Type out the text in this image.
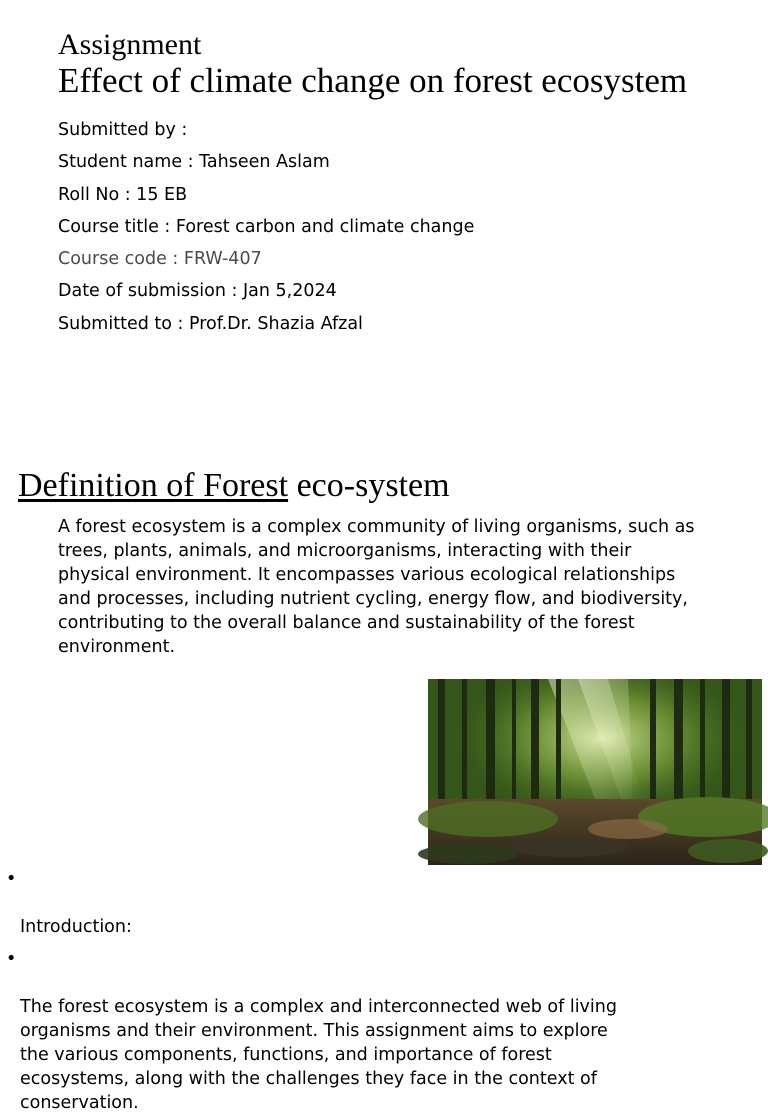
Assignment
Effect of climate change on forest ecosystem
Submitted by :
Student name : Tahseen Aslam
Roll No : 15 EB
Course title : Forest carbon and climate change
Course code : FRW-407
Date of submission : Jan 5,2024
Submitted to : Prof.Dr. Shazia Afzal
Definition of Forest eco-system

A forest ecosystem is a complex community of living organisms, such as
trees, plants, animals, and microorganisms, interacting with their
physical environment. It encompasses various ecological relationships
and processes, including nutrient cycling, energy flow, and biodiversity,
contributing to the overall balance and sustainability of the forest
environment.

•

Introduction:

•

The forest ecosystem is a complex and interconnected web of living
organisms and their environment. This assignment aims to explore
the various components, functions, and importance of forest
ecosystems, along with the challenges they face in the context of
conservation.
